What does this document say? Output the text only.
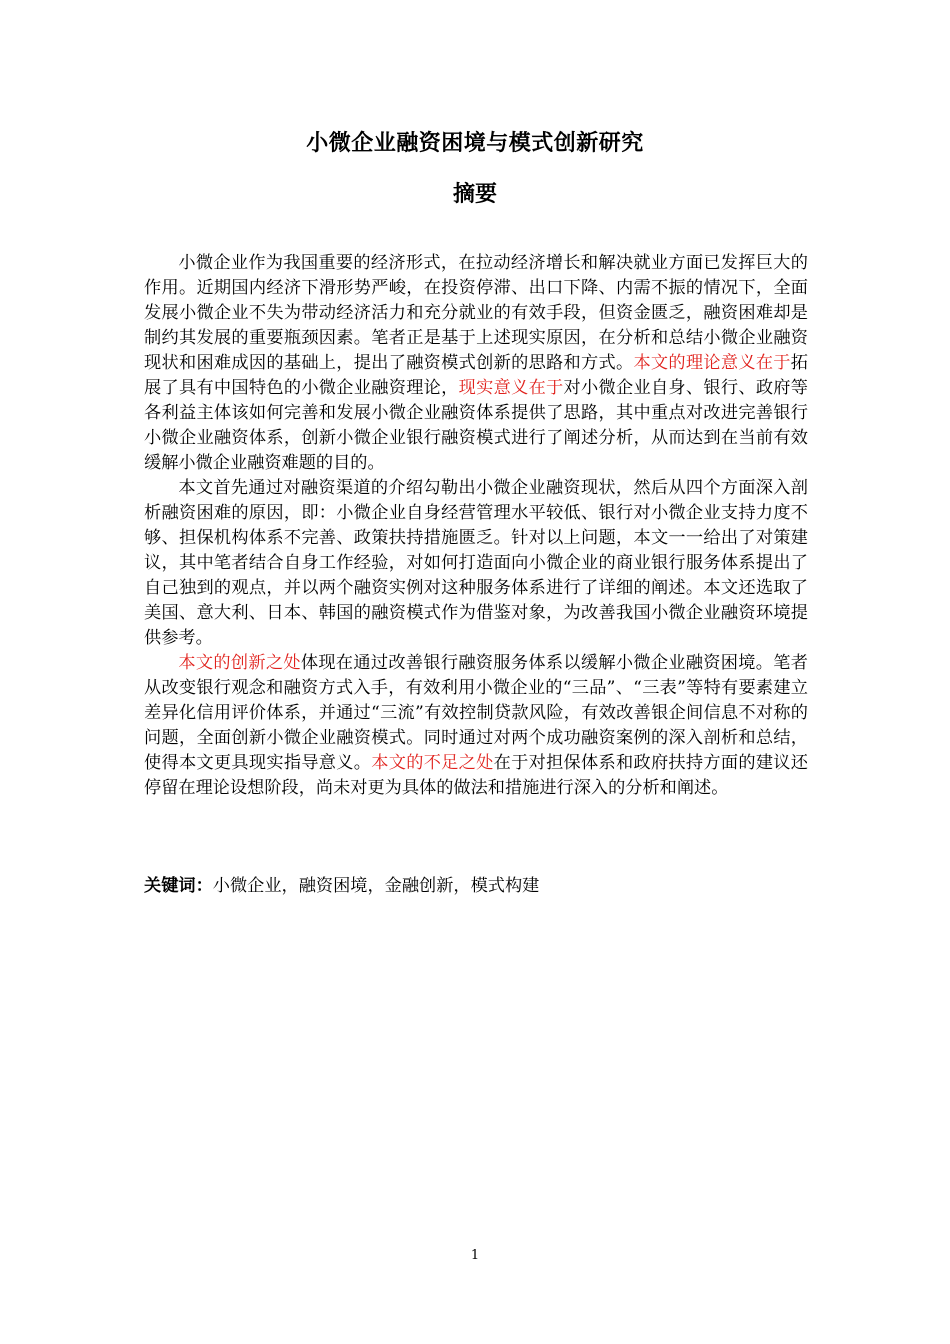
小微企业融资困境与模式创新研究
摘要

小微企业作为我国重要的经济形式，在拉动经济增长和解决就业方面已发挥巨大的作用。近期国内经济下滑形势严峻，在投资停滞、出口下降、内需不振的情况下，全面发展小微企业不失为带动经济活力和充分就业的有效手段，但资金匮乏，融资困难却是制约其发展的重要瓶颈因素。笔者正是基于上述现实原因，在分析和总结小微企业融资现状和困难成因的基础上，提出了融资模式创新的思路和方式。本文的理论意义在于拓展了具有中国特色的小微企业融资理论，现实意义在于对小微企业自身、银行、政府等各利益主体该如何完善和发展小微企业融资体系提供了思路，其中重点对改进完善银行小微企业融资体系，创新小微企业银行融资模式进行了阐述分析，从而达到在当前有效缓解小微企业融资难题的目的。

本文首先通过对融资渠道的介绍勾勒出小微企业融资现状，然后从四个方面深入剖析融资困难的原因，即：小微企业自身经营管理水平较低、银行对小微企业支持力度不够、担保机构体系不完善、政策扶持措施匮乏。针对以上问题，本文一一给出了对策建议，其中笔者结合自身工作经验，对如何打造面向小微企业的商业银行服务体系提出了自己独到的观点，并以两个融资实例对这种服务体系进行了详细的阐述。本文还选取了美国、意大利、日本、韩国的融资模式作为借鉴对象，为改善我国小微企业融资环境提供参考。

本文的创新之处体现在通过改善银行融资服务体系以缓解小微企业融资困境。笔者从改变银行观念和融资方式入手，有效利用小微企业的“三品”、“三表”等特有要素建立差异化信用评价体系，并通过“三流”有效控制贷款风险，有效改善银企间信息不对称的问题，全面创新小微企业融资模式。同时通过对两个成功融资案例的深入剖析和总结，使得本文更具现实指导意义。本文的不足之处在于对担保体系和政府扶持方面的建议还停留在理论设想阶段，尚未对更为具体的做法和措施进行深入的分析和阐述。

关键词：小微企业，融资困境，金融创新，模式构建
1
